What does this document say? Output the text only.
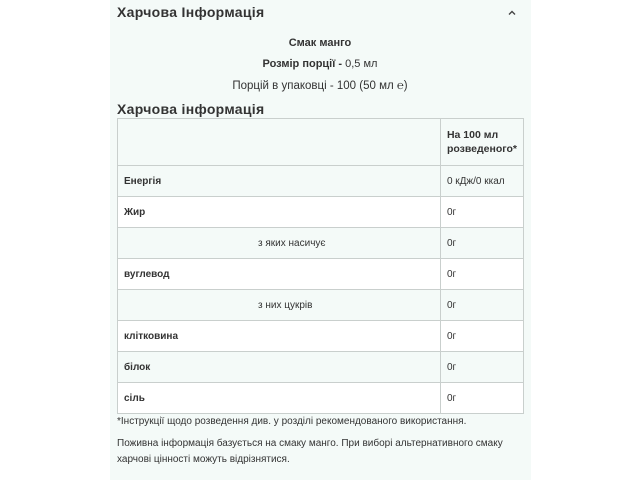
Харчова Інформація
Смак манго
Розмір порції - 0,5 мл
Порцій в упаковці - 100 (50 мл ℮)
Харчова інформація
	На 100 мл
розведеного*
Енергія	0 кДж/0 ккал
Жир	0г
з яких насичує	0г
вуглевод	0г
з них цукрів	0г
клітковина	0г
білок	0г
сіль	0г
*Інструкції щодо розведення див. у розділі рекомендованого використання.
Поживна інформація базується на смаку манго. При виборі альтернативного смаку харчові цінності можуть відрізнятися.
